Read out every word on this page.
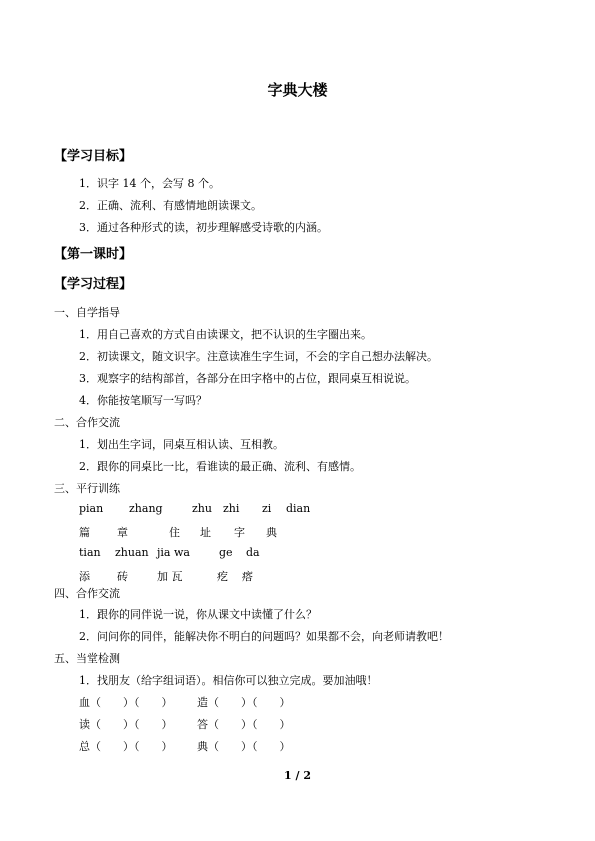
字典大楼
【学习目标】
1．识字 14 个，会写 8 个。
2．正确、流利、有感情地朗读课文。
3．通过各种形式的读，初步理解感受诗歌的内涵。
【第一课时】
【学习过程】
一、自学指导
1．用自己喜欢的方式自由读课文，把不认识的生字圈出来。
2．初读课文，随文识字。注意读准生字生词，不会的字自己想办法解决。
3．观察字的结构部首，各部分在田字格中的占位，跟同桌互相说说。
4．你能按笔顺写一写吗？
二、合作交流
1．划出生字词，同桌互相认读、互相教。
2．跟你的同桌比一比，看谁读的最正确、流利、有感情。
三、平行训练
pian zhang	zhu zhi zi dian
篇 章	住 址 字 典
tian zhuan jia wa	ge da
添 砖	加 瓦	疙 瘩
四、合作交流
1．跟你的同伴说一说，你从课文中读懂了什么？
2．问问你的同伴，能解决你不明白的问题吗？如果都不会，向老师请教吧！
五、当堂检测
1．找朋友（给字组词语）。相信你可以独立完成。要加油哦！
血（　　）（　　） 造（　　）（　　）
读（　　）（　　） 答（　　）（　　）
总（　　）（　　） 典（　　）（　　）
1 / 2
